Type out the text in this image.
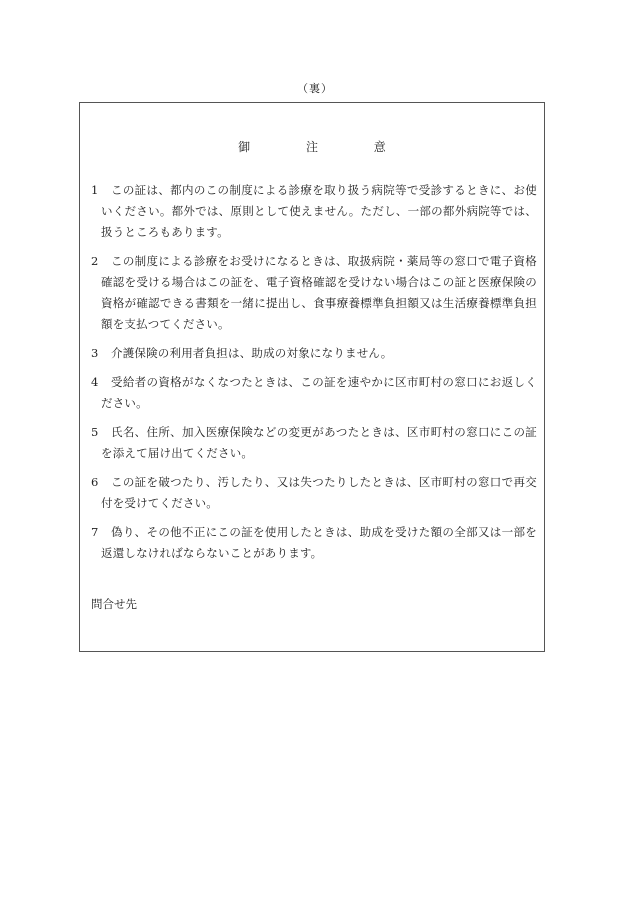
（裏）
御 注 意
1	この証は、都内のこの制度による診療を取り扱う病院等で受診するときに、お使いください。都外では、原則として使えません。ただし、一部の都外病院等では、扱うところもあります。
2	この制度による診療をお受けになるときは、取扱病院・薬局等の窓口で電子資格確認を受ける場合はこの証を、電子資格確認を受けない場合はこの証と医療保険の資格が確認できる書類を一緒に提出し、食事療養標準負担額又は生活療養標準負担額を支払つてください。
3	介護保険の利用者負担は、助成の対象になりません。
4	受給者の資格がなくなつたときは、この証を速やかに区市町村の窓口にお返しください。
5	氏名、住所、加入医療保険などの変更があつたときは、区市町村の窓口にこの証を添えて届け出てください。
6	この証を破つたり、汚したり、又は失つたりしたときは、区市町村の窓口で再交付を受けてください。
7	偽り、その他不正にこの証を使用したときは、助成を受けた額の全部又は一部を返還しなければならないことがあります。
問合せ先
